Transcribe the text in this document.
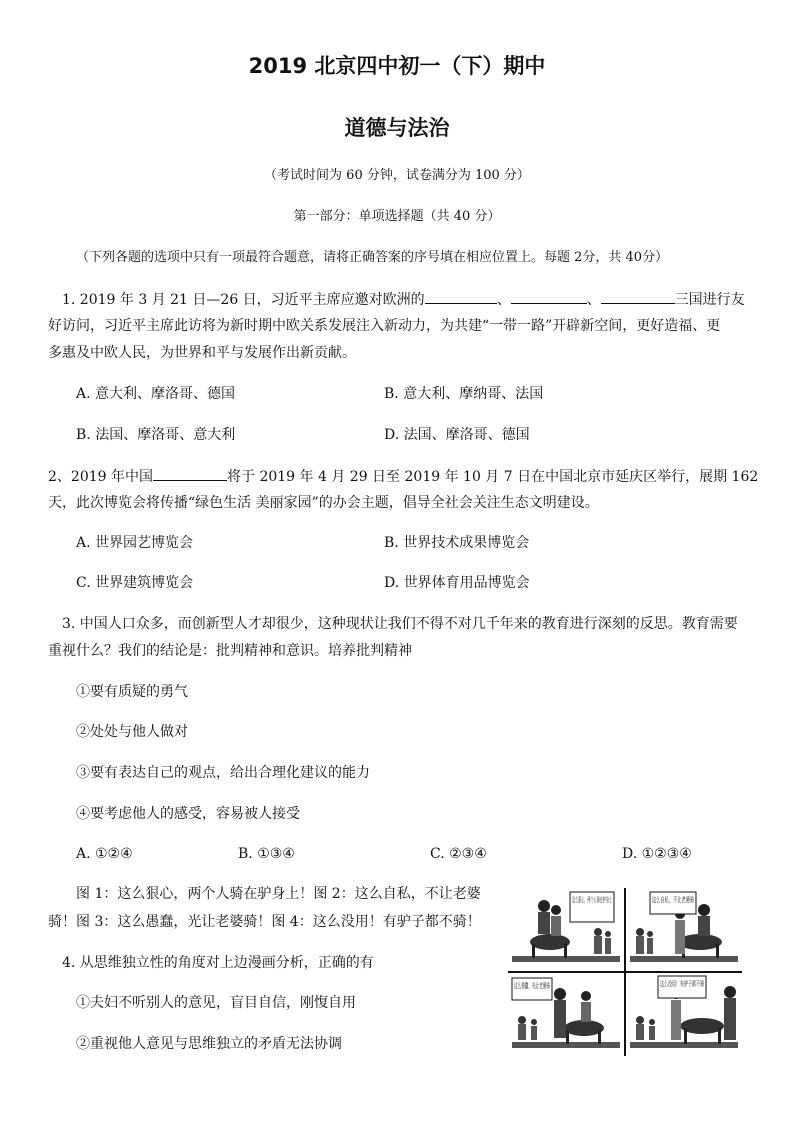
2019 北京四中初一（下）期中
道德与法治
（考试时间为 60 分钟，试卷满分为 100 分）
第一部分：单项选择题（共 40 分）
（下列各题的选项中只有一项最符合题意，请将正确答案的序号填在相应位置上。每题 2分，共 40分）
1. 2019 年 3 月 21 日—26 日，习近平主席应邀对欧洲的	、	、	三国进行友
好访问，习近平主席此访将为新时期中欧关系发展注入新动力，为共建“一带一路”开辟新空间，更好造福、更
多惠及中欧人民，为世界和平与发展作出新贡献。
A. 意大利、摩洛哥、德国	B. 意大利、摩纳哥、法国
B. 法国、摩洛哥、意大利	D. 法国、摩洛哥、德国
2、2019 年中国	将于 2019 年 4 月 29 日至 2019 年 10 月 7 日在中国北京市延庆区举行，展期 162
天，此次博览会将传播“绿色生活 美丽家园”的办会主题，倡导全社会关注生态文明建设。
A. 世界园艺博览会	B. 世界技术成果博览会
C. 世界建筑博览会	D. 世界体育用品博览会
3. 中国人口众多，而创新型人才却很少，这种现状让我们不得不对几千年来的教育进行深刻的反思。教育需要
重视什么？我们的结论是：批判精神和意识。培养批判精神
①要有质疑的勇气
②处处与他人做对
③要有表达自己的观点，给出合理化建议的能力
④要考虑他人的感受，容易被人接受
A. ①②④	B. ①③④	C. ②③④	D. ①②③④
图 1：这么狠心，两个人骑在驴身上！图 2：这么自私，不让老婆
骑！图 3：这么愚蠢，光让老婆骑！图 4：这么没用！有驴子都不骑！
4. 从思维独立性的角度对上边漫画分析，正确的有
①夫妇不听别人的意见，盲目自信，刚愎自用
②重视他人意见与思维独立的矛盾无法协调
这么狠心，两个人骑在驴身上
这么自私，不让老婆骑
这么愚蠢，光让老婆骑	这么没用！有驴子都不骑
